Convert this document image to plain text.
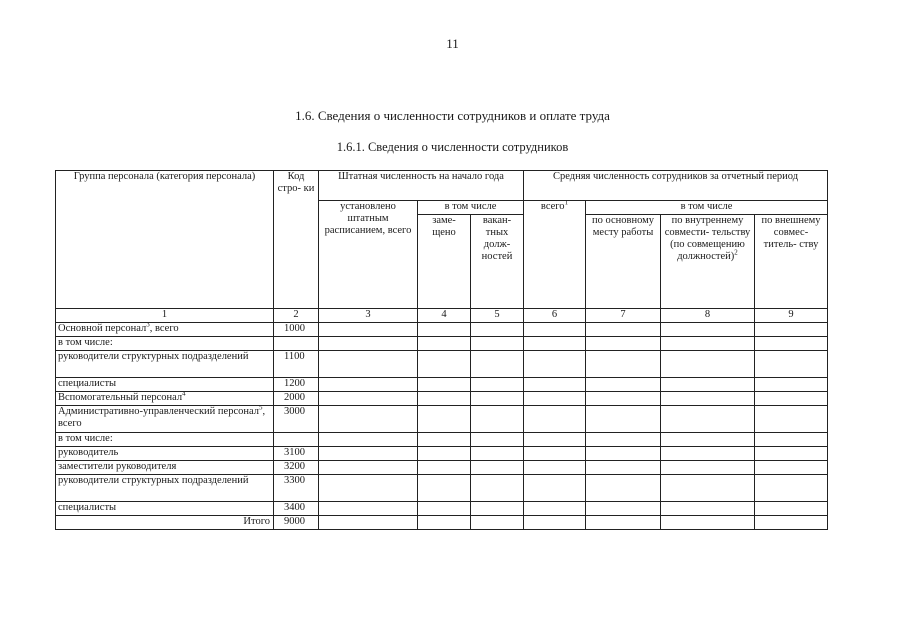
11
1.6. Сведения о численности сотрудников и оплате труда
1.6.1. Сведения о численности сотрудников
Группа персонала (категория персонала)	Код стро- ки	Штатная численность на начало года			Средняя численность сотрудников за отчетный период			
		установлено штатным расписанием, всего	в том числе		всего$^1$	в том числе		
			заме- щено	вакан- тных долж- ностей		по основному месту работы	по внутреннему совмести- тельству (по совмещению должностей)$^2$	по внешнему совмес- титель- ству
1	2	3	4	5	6	7	8	9
Основной персонал$^3$, всего	1000							
в том числе:								
руководители структурных подразделений	1100							
специалисты	1200							
Вспомогательный персонал$^4$	2000							
Административно-управленческий персонал$^5$, всего	3000							
в том числе:								
руководитель	3100							
заместители руководителя	3200							
руководители структурных подразделений	3300							
специалисты	3400							
Итого	9000							
